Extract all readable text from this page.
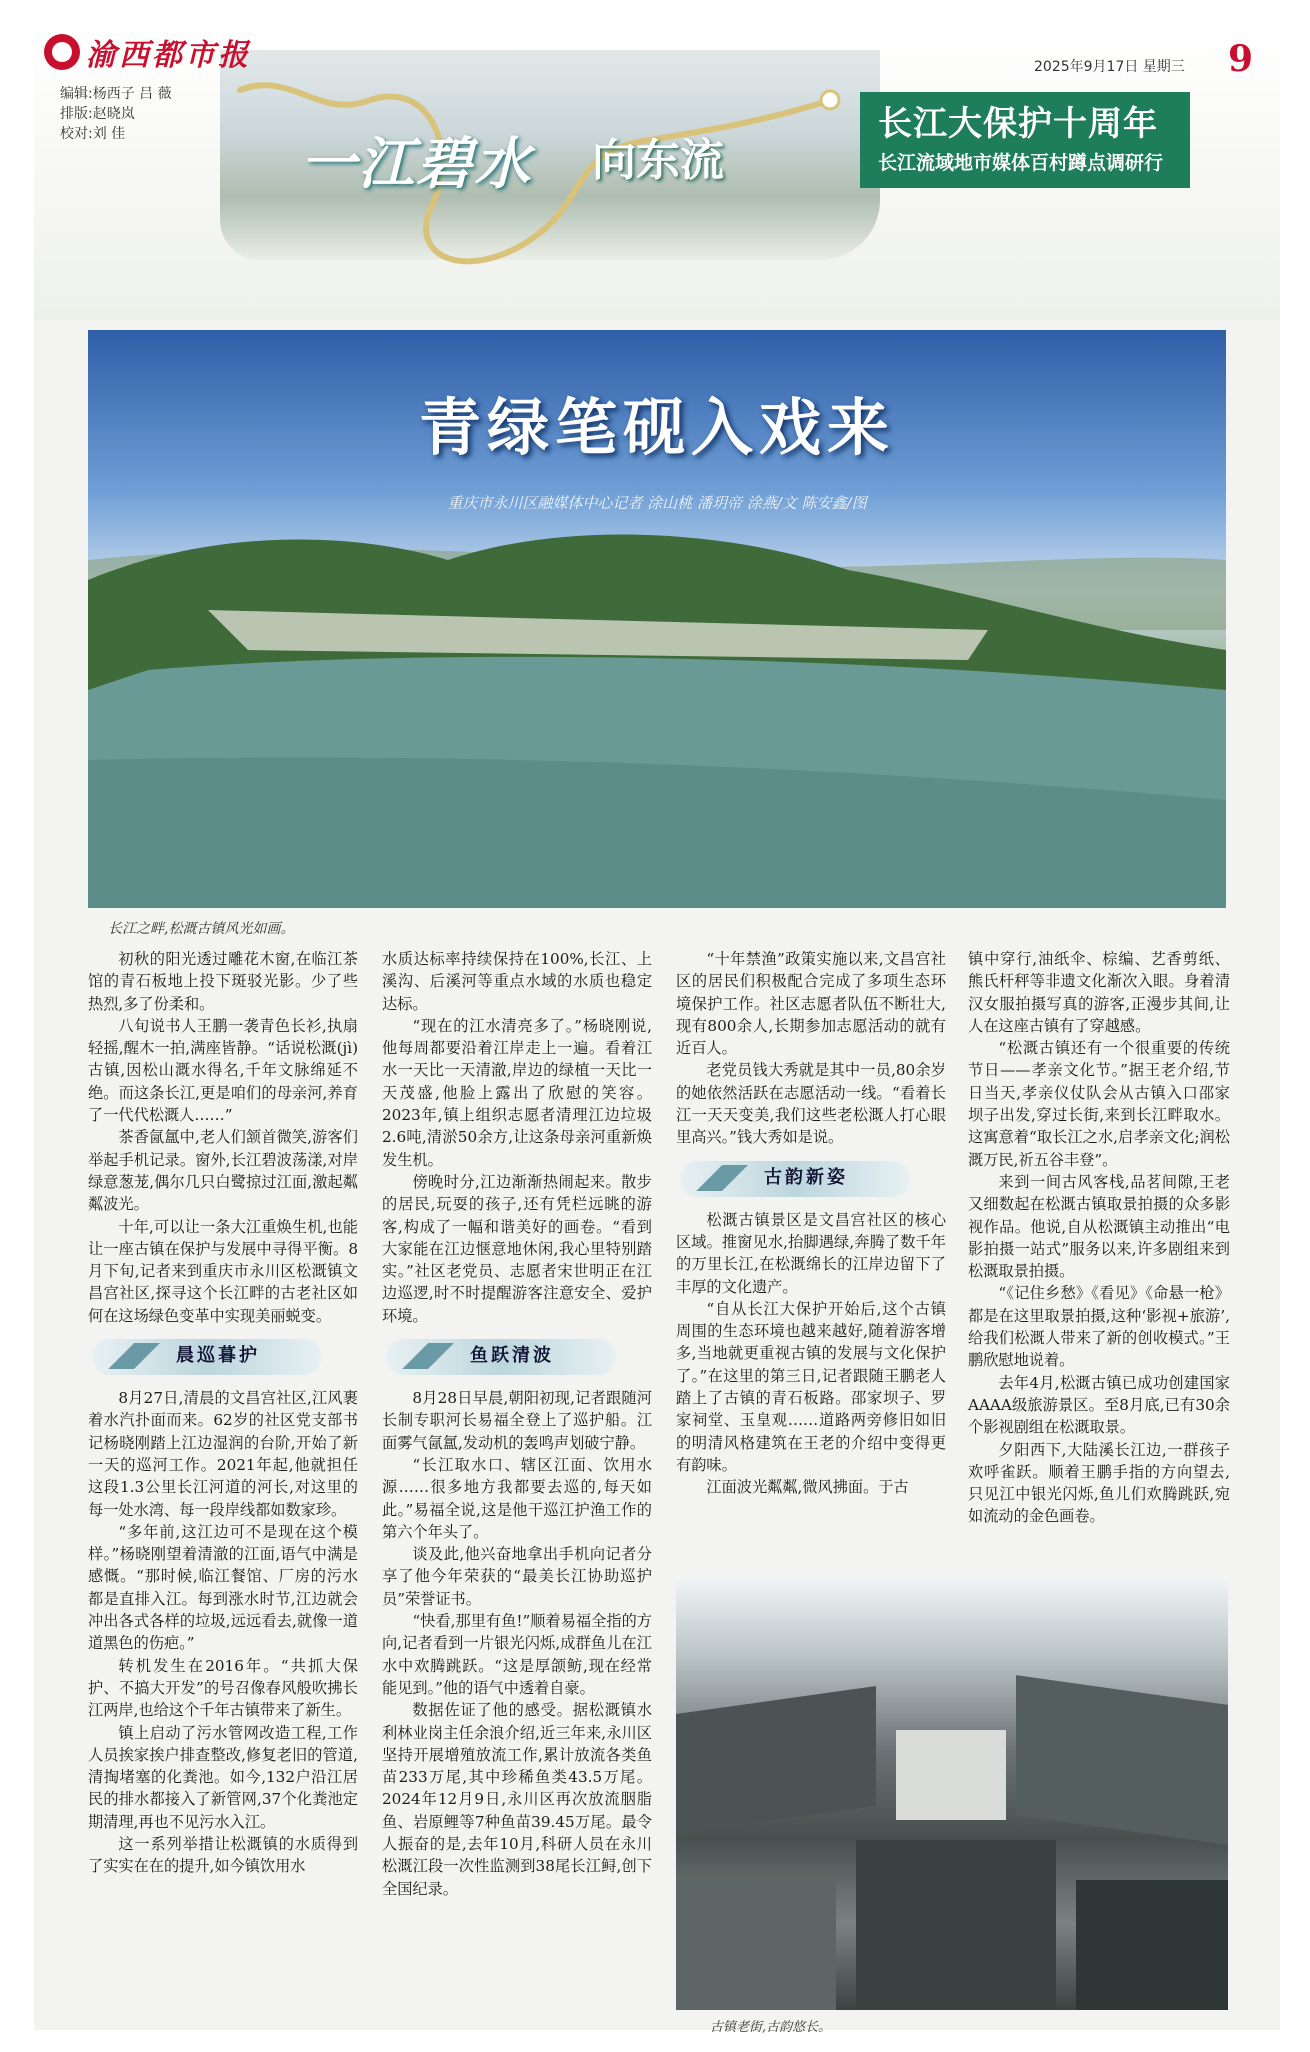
渝西都市报
编辑:杨西子 吕 薇
排版:赵晓岚
校对:刘 佳
2025年9月17日 星期三 9
一江碧水 向东流
长江大保护十周年
长江流域地市媒体百村蹲点调研行
青绿笔砚入戏来
重庆市永川区融媒体中心记者 涂山桃 潘玥帝 涂燕/文 陈安鑫/图
长江之畔,松溉古镇风光如画。

初秋的阳光透过雕花木窗,在临江茶馆的青石板地上投下斑驳光影。少了些热烈,多了份柔和。

八旬说书人王鹏一袭青色长衫,执扇轻摇,醒木一拍,满座皆静。“话说松溉(jì)古镇,因松山溉水得名,千年文脉绵延不绝。而这条长江,更是咱们的母亲河,养育了一代代松溉人……”

茶香氤氲中,老人们颔首微笑,游客们举起手机记录。窗外,长江碧波荡漾,对岸绿意葱茏,偶尔几只白鹭掠过江面,激起粼粼波光。

十年,可以让一条大江重焕生机,也能让一座古镇在保护与发展中寻得平衡。8月下旬,记者来到重庆市永川区松溉镇文昌宫社区,探寻这个长江畔的古老社区如何在这场绿色变革中实现美丽蜕变。

晨巡暮护

8月27日,清晨的文昌宫社区,江风裹着水汽扑面而来。62岁的社区党支部书记杨晓刚踏上江边湿润的台阶,开始了新一天的巡河工作。2021年起,他就担任这段1.3公里长江河道的河长,对这里的每一处水湾、每一段岸线都如数家珍。

“多年前,这江边可不是现在这个模样。”杨晓刚望着清澈的江面,语气中满是感慨。“那时候,临江餐馆、厂房的污水都是直排入江。每到涨水时节,江边就会冲出各式各样的垃圾,远远看去,就像一道道黑色的伤疤。”

转机发生在2016年。“共抓大保护、不搞大开发”的号召像春风般吹拂长江两岸,也给这个千年古镇带来了新生。

镇上启动了污水管网改造工程,工作人员挨家挨户排查整改,修复老旧的管道,清掏堵塞的化粪池。如今,132户沿江居民的排水都接入了新管网,37个化粪池定期清理,再也不见污水入江。

这一系列举措让松溉镇的水质得到了实实在在的提升,如今镇饮用水

水质达标率持续保持在100%,长江、上溪沟、后溪河等重点水域的水质也稳定达标。

“现在的江水清亮多了。”杨晓刚说,他每周都要沿着江岸走上一遍。看着江水一天比一天清澈,岸边的绿植一天比一天茂盛,他脸上露出了欣慰的笑容。2023年,镇上组织志愿者清理江边垃圾2.6吨,清淤50余方,让这条母亲河重新焕发生机。

傍晚时分,江边渐渐热闹起来。散步的居民,玩耍的孩子,还有凭栏远眺的游客,构成了一幅和谐美好的画卷。“看到大家能在江边惬意地休闲,我心里特别踏实。”社区老党员、志愿者宋世明正在江边巡逻,时不时提醒游客注意安全、爱护环境。

鱼跃清波

8月28日早晨,朝阳初现,记者跟随河长制专职河长易福全登上了巡护船。江面雾气氤氲,发动机的轰鸣声划破宁静。

“长江取水口、辖区江面、饮用水源……很多地方我都要去巡的,每天如此。”易福全说,这是他干巡江护渔工作的第六个年头了。

谈及此,他兴奋地拿出手机向记者分享了他今年荣获的“最美长江协助巡护员”荣誉证书。

“快看,那里有鱼!”顺着易福全指的方向,记者看到一片银光闪烁,成群鱼儿在江水中欢腾跳跃。“这是厚颌鲂,现在经常能见到。”他的语气中透着自豪。

数据佐证了他的感受。据松溉镇水利林业岗主任余浪介绍,近三年来,永川区坚持开展增殖放流工作,累计放流各类鱼苗233万尾,其中珍稀鱼类43.5万尾。2024年12月9日,永川区再次放流胭脂鱼、岩原鲤等7种鱼苗39.45万尾。最令人振奋的是,去年10月,科研人员在永川松溉江段一次性监测到38尾长江鲟,创下全国纪录。

“十年禁渔”政策实施以来,文昌宫社区的居民们积极配合完成了多项生态环境保护工作。社区志愿者队伍不断壮大,现有800余人,长期参加志愿活动的就有近百人。

老党员钱大秀就是其中一员,80余岁的她依然活跃在志愿活动一线。“看着长江一天天变美,我们这些老松溉人打心眼里高兴。”钱大秀如是说。

古韵新姿

松溉古镇景区是文昌宫社区的核心区域。推窗见水,抬脚遇绿,奔腾了数千年的万里长江,在松溉绵长的江岸边留下了丰厚的文化遗产。

“自从长江大保护开始后,这个古镇周围的生态环境也越来越好,随着游客增多,当地就更重视古镇的发展与文化保护了。”在这里的第三日,记者跟随王鹏老人踏上了古镇的青石板路。邵家坝子、罗家祠堂、玉皇观……道路两旁修旧如旧的明清风格建筑在王老的介绍中变得更有韵味。

江面波光粼粼,微风拂面。于古

镇中穿行,油纸伞、棕编、艺香剪纸、熊氏杆秤等非遗文化渐次入眼。身着清汉女服拍摄写真的游客,正漫步其间,让人在这座古镇有了穿越感。

“松溉古镇还有一个很重要的传统节日——孝亲文化节。”据王老介绍,节日当天,孝亲仪仗队会从古镇入口邵家坝子出发,穿过长街,来到长江畔取水。这寓意着“取长江之水,启孝亲文化;润松溉万民,祈五谷丰登”。

来到一间古风客栈,品茗间隙,王老又细数起在松溉古镇取景拍摄的众多影视作品。他说,自从松溉镇主动推出“电影拍摄一站式”服务以来,许多剧组来到松溉取景拍摄。

“《记住乡愁》《看见》《命悬一枪》都是在这里取景拍摄,这种‘影视+旅游’,给我们松溉人带来了新的创收模式。”王鹏欣慰地说着。

去年4月,松溉古镇已成功创建国家AAAA级旅游景区。至8月底,已有30余个影视剧组在松溉取景。

夕阳西下,大陆溪长江边,一群孩子欢呼雀跃。顺着王鹏手指的方向望去,只见江中银光闪烁,鱼儿们欢腾跳跃,宛如流动的金色画卷。

古镇老街,古韵悠长。
